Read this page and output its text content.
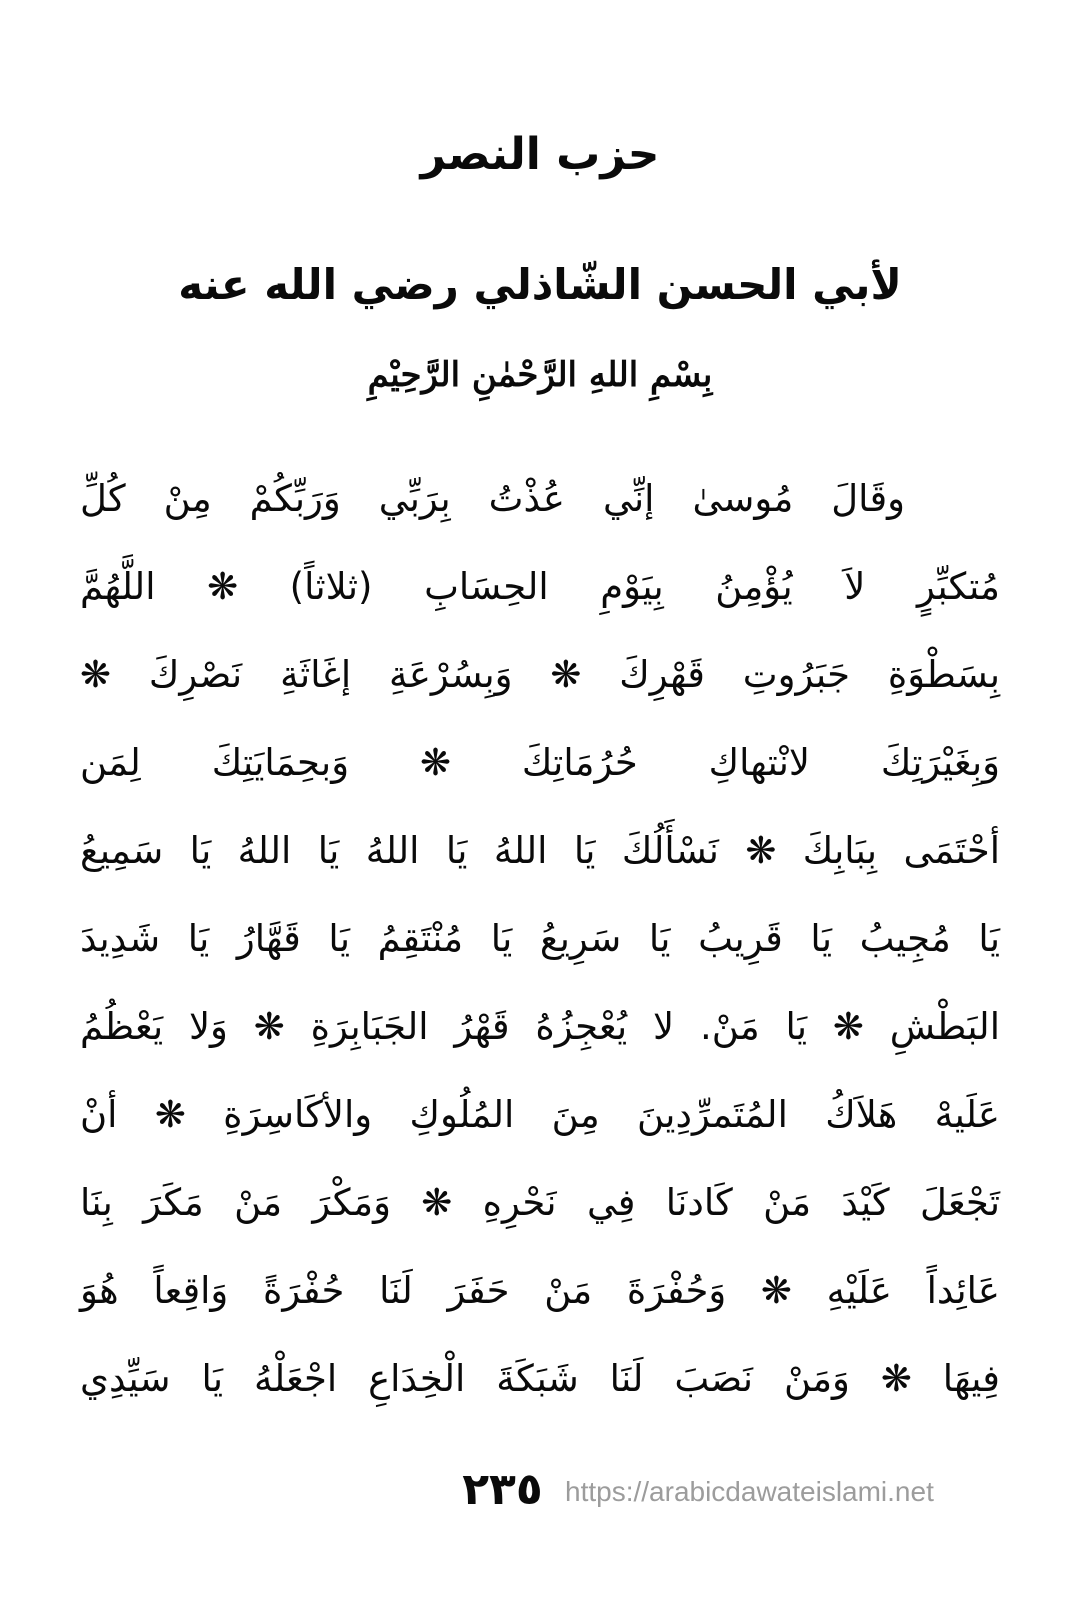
حزب النصر
لأبي الحسن الشّاذلي رضي الله عنه
بِسْمِ اللهِ الرَّحْمٰنِ الرَّحِيْمِ
وقَالَ مُوسىٰ إنِّي عُذْتُ بِرَبِّي وَرَبِّكُمْ مِنْ كُلِّ
مُتكبِّرٍ لاَ يُؤْمِنُ بِيَوْمِ الحِسَابِ (ثلاثاً) ❋ اللَّهُمَّ
بِسَطْوَةِ جَبَرُوتِ قَهْرِكَ ❋ وَبِسُرْعَةِ إغَاثَةِ نَصْرِكَ ❋
وَبِغَيْرَتِكَ لانْتهاكِ حُرُمَاتِكَ ❋ وَبحِمَايَتِكَ لِمَن
أحْتَمَى بِبَابِكَ ❋ نَسْأَلُكَ يَا اللهُ يَا اللهُ يَا اللهُ يَا سَمِيعُ
يَا مُجِيبُ يَا قَرِيبُ يَا سَرِيعُ يَا مُنْتَقِمُ يَا قَهَّارُ يَا شَدِيدَ
البَطْشِ ❋ يَا مَنْ. لا يُعْجِزُهُ قَهْرُ الجَبَابِرَةِ ❋ وَلا يَعْظُمُ
عَلَيهْ هَلاَكُ المُتَمرِّدِينَ مِنَ المُلُوكِ والأكَاسِرَةِ ❋ أنْ
تَجْعَلَ كَيْدَ مَنْ كَادنَا فِي نَحْرِهِ ❋ وَمَكْرَ مَنْ مَكَرَ بِنَا
عَائِداً عَلَيْهِ ❋ وَحُفْرَةَ مَنْ حَفَرَ لَنَا حُفْرَةً وَاقِعاً هُوَ
فِيهَا ❋ وَمَنْ نَصَبَ لَنَا شَبَكَةَ الْخِدَاعِ اجْعَلْهُ يَا سَيِّدِي
٢٣٥ https://arabicdawateislami.net
